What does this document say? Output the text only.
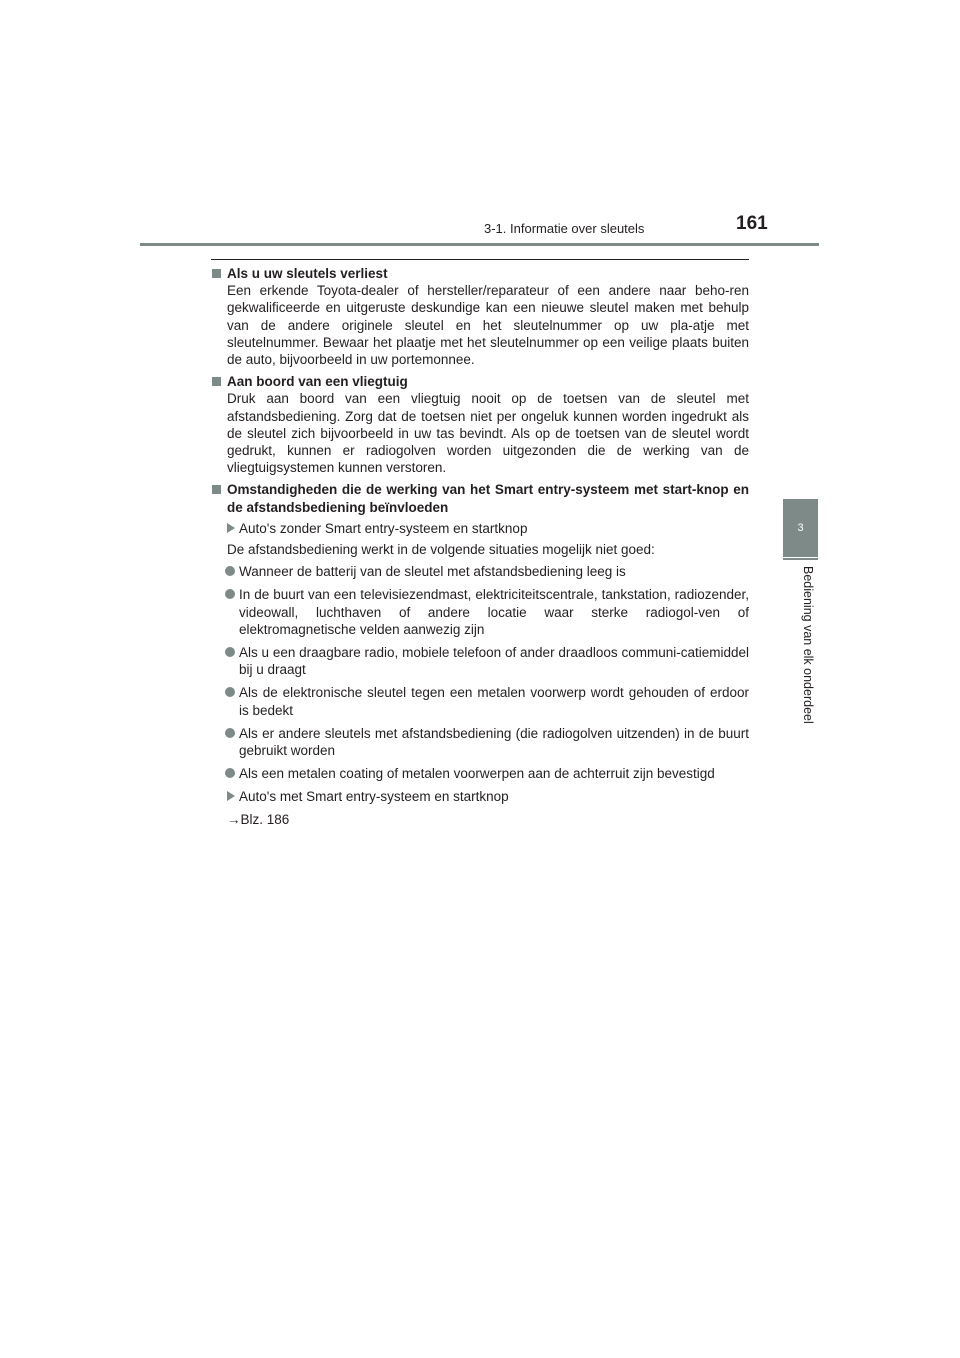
3-1. Informatie over sleutels	161
3
Bediening van elk onderdeel
Als u uw sleutels verliest

Een erkende Toyota-dealer of hersteller/reparateur of een andere naar beho-ren gekwalificeerde en uitgeruste deskundige kan een nieuwe sleutel maken met behulp van de andere originele sleutel en het sleutelnummer op uw pla-atje met sleutelnummer. Bewaar het plaatje met het sleutelnummer op een veilige plaats buiten de auto, bijvoorbeeld in uw portemonnee.

Aan boord van een vliegtuig

Druk aan boord van een vliegtuig nooit op de toetsen van de sleutel met afstandsbediening. Zorg dat de toetsen niet per ongeluk kunnen worden ingedrukt als de sleutel zich bijvoorbeeld in uw tas bevindt. Als op de toetsen van de sleutel wordt gedrukt, kunnen er radiogolven worden uitgezonden die de werking van de vliegtuigsystemen kunnen verstoren.

Omstandigheden die de werking van het Smart entry-systeem met start-knop en de afstandsbediening beïnvloeden
Auto's zonder Smart entry-systeem en startknop
De afstandsbediening werkt in de volgende situaties mogelijk niet goed:
Wanneer de batterij van de sleutel met afstandsbediening leeg is
In de buurt van een televisiezendmast, elektriciteitscentrale, tankstation, radiozender, videowall, luchthaven of andere locatie waar sterke radiogol-ven of elektromagnetische velden aanwezig zijn
Als u een draagbare radio, mobiele telefoon of ander draadloos communi-catiemiddel bij u draagt
Als de elektronische sleutel tegen een metalen voorwerp wordt gehouden of erdoor is bedekt
Als er andere sleutels met afstandsbediening (die radiogolven uitzenden) in de buurt gebruikt worden
Als een metalen coating of metalen voorwerpen aan de achterruit zijn bevestigd
Auto's met Smart entry-systeem en startknop
→Blz. 186
